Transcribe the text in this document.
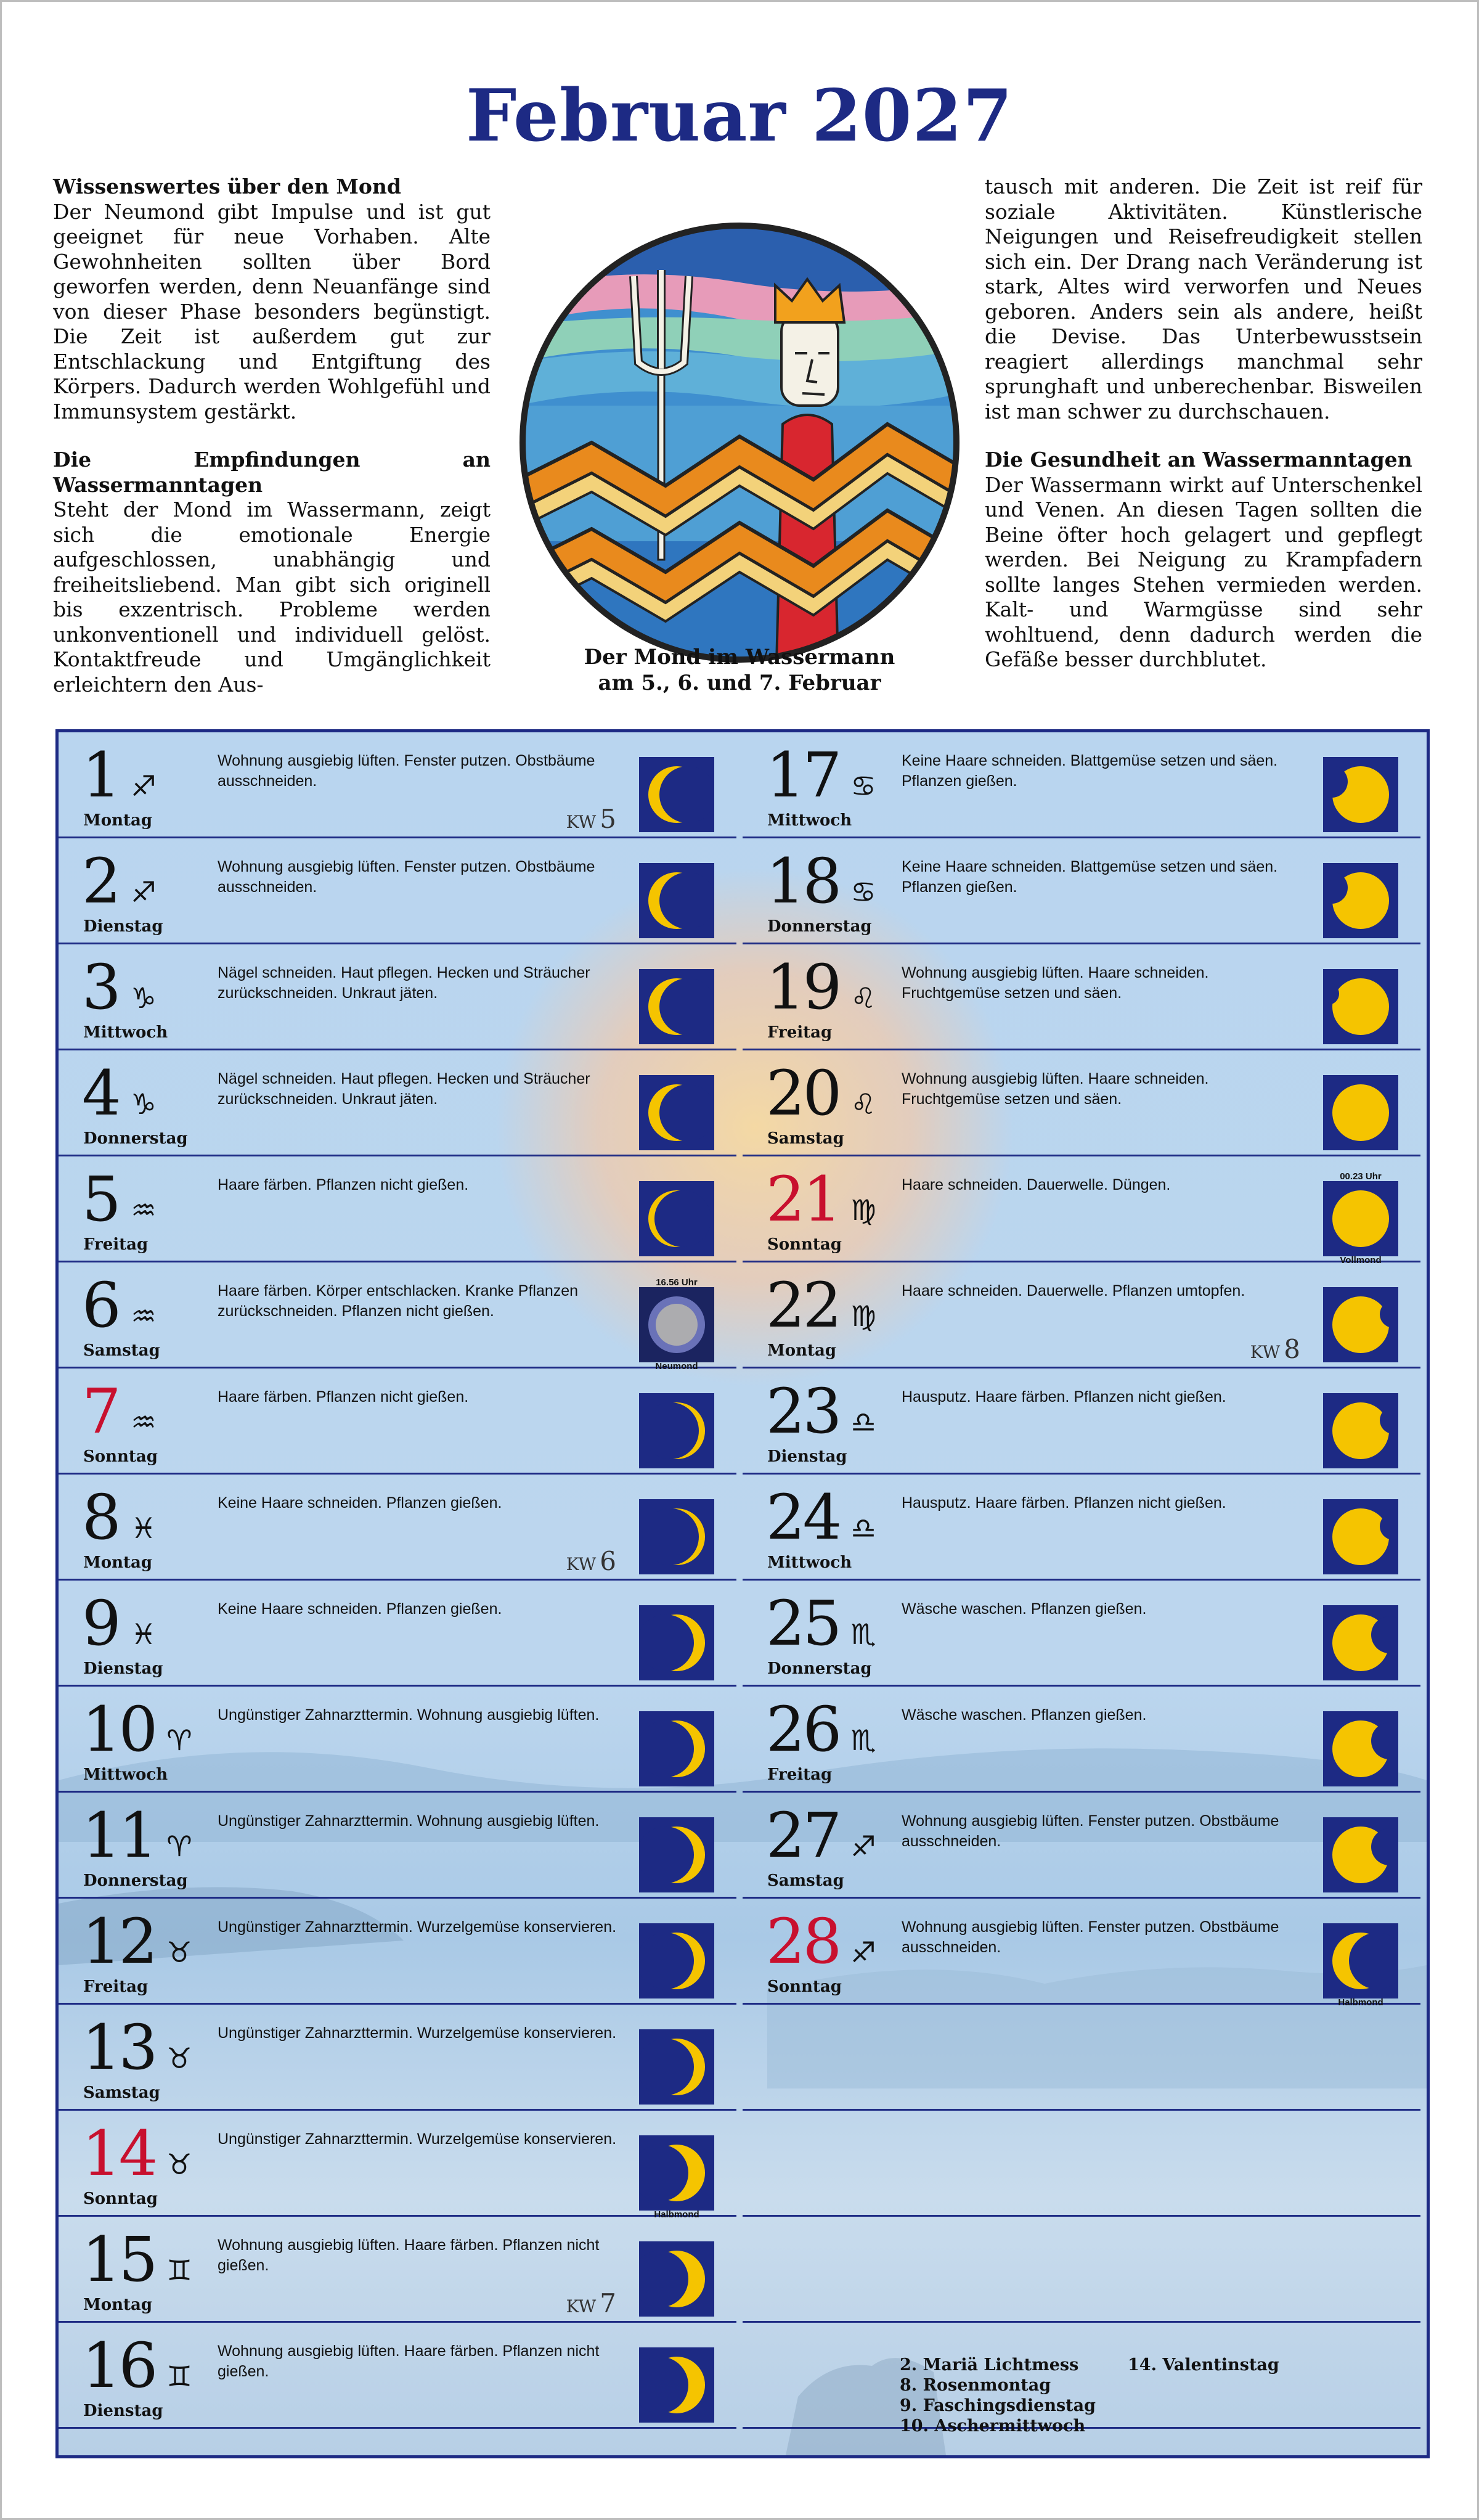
Februar 2027

Wissenswertes über den Mond
Der Neumond gibt Impulse und ist gut geeignet für neue Vorhaben. Alte Gewohnheiten sollten über Bord geworfen werden, denn Neuanfänge sind von dieser Phase besonders begünstigt. Die Zeit ist außerdem gut zur Entschlackung und Entgiftung des Körpers. Dadurch werden Wohlgefühl und Immunsystem gestärkt.

Die Empfindungen an Wassermanntagen
Steht der Mond im Wassermann, zeigt sich die emotionale Energie aufgeschlossen, unabhängig und freiheitsliebend. Man gibt sich originell bis exzentrisch. Probleme werden unkonventionell und individuell gelöst. Kontaktfreude und Umgänglichkeit erleichtern den Aus-

tausch mit anderen. Die Zeit ist reif für soziale Aktivitäten. Künstlerische Neigungen und Reisefreudigkeit stellen sich ein. Der Drang nach Veränderung ist stark, Altes wird verworfen und Neues geboren. Anders sein als andere, heißt die Devise. Das Unterbewusstsein reagiert allerdings manchmal sehr sprunghaft und unberechenbar. Bisweilen ist man schwer zu durchschauen.

Die Gesundheit an Wassermanntagen
Der Wassermann wirkt auf Unterschenkel und Venen. An diesen Tagen sollten die Beine öfter hoch gelagert und gepflegt werden. Bei Neigung zu Krampfadern sollte langes Stehen vermieden werden. Kalt- und Warmgüsse sind sehr wohltuend, denn dadurch werden die Gefäße besser durchblutet.

Der Mond im Wassermann
am 5., 6. und 7. Februar
1
Montag
♐
Wohnung ausgiebig lüften. Fenster putzen. Obstbäume ausschneiden.
KW 5
2
Dienstag
♐
Wohnung ausgiebig lüften. Fenster putzen. Obstbäume ausschneiden.
3
Mittwoch
♑
Nägel schneiden. Haut pflegen. Hecken und Sträucher zurückschneiden. Unkraut jäten.
4
Donnerstag
♑
Nägel schneiden. Haut pflegen. Hecken und Sträucher zurückschneiden. Unkraut jäten.
5
Freitag
♒
Haare färben. Pflanzen nicht gießen.
6
Samstag
♒
Haare färben. Körper entschlacken. Kranke Pflanzen zurückschneiden. Pflanzen nicht gießen.
16.56 Uhr
Neumond
7
Sonntag
♒
Haare färben. Pflanzen nicht gießen.
8
Montag
♓
Keine Haare schneiden. Pflanzen gießen.
KW 6
9
Dienstag
♓
Keine Haare schneiden. Pflanzen gießen.
10
Mittwoch
♈
Ungünstiger Zahnarzttermin. Wohnung ausgiebig lüften.
11
Donnerstag
♈
Ungünstiger Zahnarzttermin. Wohnung ausgiebig lüften.
12
Freitag
♉
Ungünstiger Zahnarzttermin. Wurzelgemüse konservieren.
13
Samstag
♉
Ungünstiger Zahnarzttermin. Wurzelgemüse konservieren.
14
Sonntag
♉
Ungünstiger Zahnarzttermin. Wurzelgemüse konservieren.
Halbmond
15
Montag
♊
Wohnung ausgiebig lüften. Haare färben. Pflanzen nicht gießen.
KW 7
16
Dienstag
♊
Wohnung ausgiebig lüften. Haare färben. Pflanzen nicht gießen.
17
Mittwoch
♋
Keine Haare schneiden. Blattgemüse setzen und säen. Pflanzen gießen.
18
Donnerstag
♋
Keine Haare schneiden. Blattgemüse setzen und säen. Pflanzen gießen.
19
Freitag
♌
Wohnung ausgiebig lüften. Haare schneiden. Fruchtgemüse setzen und säen.
20
Samstag
♌
Wohnung ausgiebig lüften. Haare schneiden. Fruchtgemüse setzen und säen.
21
Sonntag
♍
Haare schneiden. Dauerwelle. Düngen.	00.23 Uhr
Vollmond
22
Montag
♍
Haare schneiden. Dauerwelle. Pflanzen umtopfen.
KW 8
23
Dienstag
♎
Hausputz. Haare färben. Pflanzen nicht gießen.
24
Mittwoch
♎
Hausputz. Haare färben. Pflanzen nicht gießen.
25
Donnerstag
♏
Wäsche waschen. Pflanzen gießen.
26
Freitag
♏
Wäsche waschen. Pflanzen gießen.
27
Samstag
♐
Wohnung ausgiebig lüften. Fenster putzen. Obstbäume ausschneiden.
28
Sonntag
♐
Wohnung ausgiebig lüften. Fenster putzen. Obstbäume ausschneiden.
Halbmond
2. Mariä Lichtmess
8. Rosenmontag
9. Faschingsdienstag
10. Aschermittwoch
14. Valentinstag
